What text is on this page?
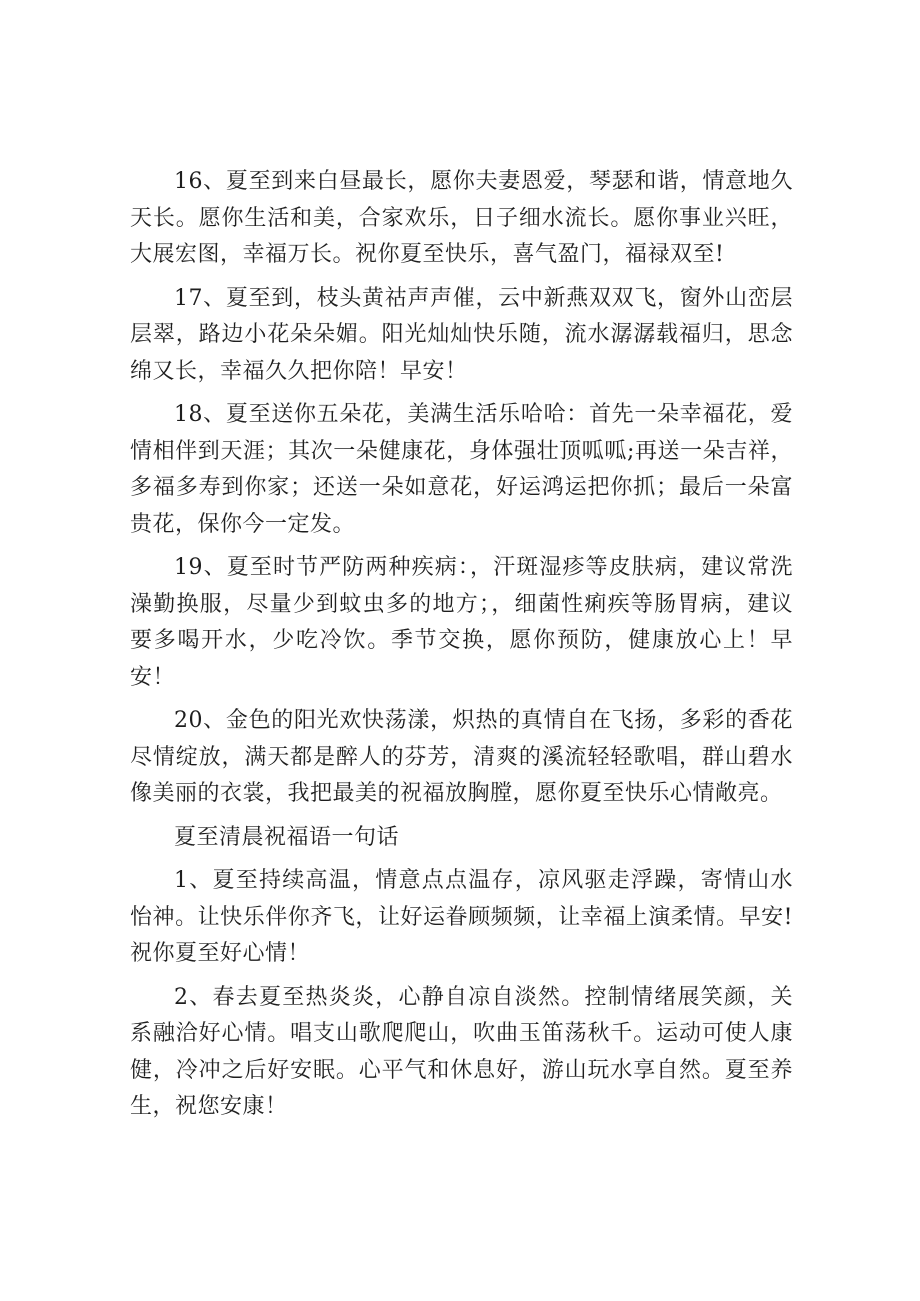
16、夏至到来白昼最长，愿你夫妻恩爱，琴瑟和谐，情意地久天长。愿你生活和美，合家欢乐，日子细水流长。愿你事业兴旺，大展宏图，幸福万长。祝你夏至快乐，喜气盈门，福禄双至!

17、夏至到，枝头黄祜声声催，云中新燕双双飞，窗外山峦层层翠，路边小花朵朵媚。阳光灿灿快乐随，流水潺潺载福归，思念绵又长，幸福久久把你陪！早安！

18、夏至送你五朵花，美满生活乐哈哈：首先一朵幸福花，爱情相伴到天涯；其次一朵健康花，身体强壮顶呱呱;再送一朵吉祥，多福多寿到你家；还送一朵如意花，好运鸿运把你抓；最后一朵富贵花，保你今一定发。

19、夏至时节严防两种疾病：，汗斑湿疹等皮肤病，建议常洗澡勤换服，尽量少到蚊虫多的地方；，细菌性痢疾等肠胃病，建议要多喝开水，少吃冷饮。季节交换，愿你预防，健康放心上！早安！

20、金色的阳光欢快荡漾，炽热的真情自在飞扬，多彩的香花尽情绽放，满天都是醉人的芬芳，清爽的溪流轻轻歌唱，群山碧水像美丽的衣裳，我把最美的祝福放胸膛，愿你夏至快乐心情敞亮。

夏至清晨祝福语一句话

1、夏至持续高温，情意点点温存，凉风驱走浮躁，寄情山水怡神。让快乐伴你齐飞，让好运眷顾频频，让幸福上演柔情。早安!祝你夏至好心情！

2、春去夏至热炎炎，心静自凉自淡然。控制情绪展笑颜，关系融洽好心情。唱支山歌爬爬山，吹曲玉笛荡秋千。运动可使人康健，冷冲之后好安眠。心平气和休息好，游山玩水享自然。夏至养生，祝您安康！
